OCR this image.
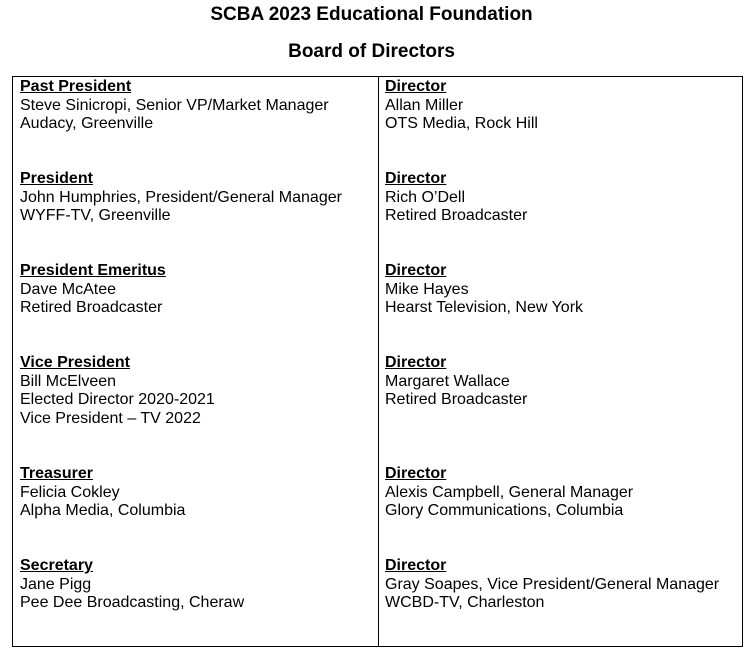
SCBA 2023 Educational Foundation
Board of Directors
Past President
Steve Sinicropi, Senior VP/Market Manager
Audacy, Greenville
President
John Humphries, President/General Manager
WYFF-TV, Greenville
President Emeritus
Dave McAtee
Retired Broadcaster
Vice President
Bill McElveen
Elected Director 2020-2021
Vice President – TV 2022
Treasurer
Felicia Cokley
Alpha Media, Columbia
Secretary
Jane Pigg
Pee Dee Broadcasting, Cheraw
Director
Allan Miller
OTS Media, Rock Hill
Director
Rich O’Dell
Retired Broadcaster
Director
Mike Hayes
Hearst Television, New York
Director
Margaret Wallace
Retired Broadcaster
Director
Alexis Campbell, General Manager
Glory Communications, Columbia
Director
Gray Soapes, Vice President/General Manager
WCBD-TV, Charleston
